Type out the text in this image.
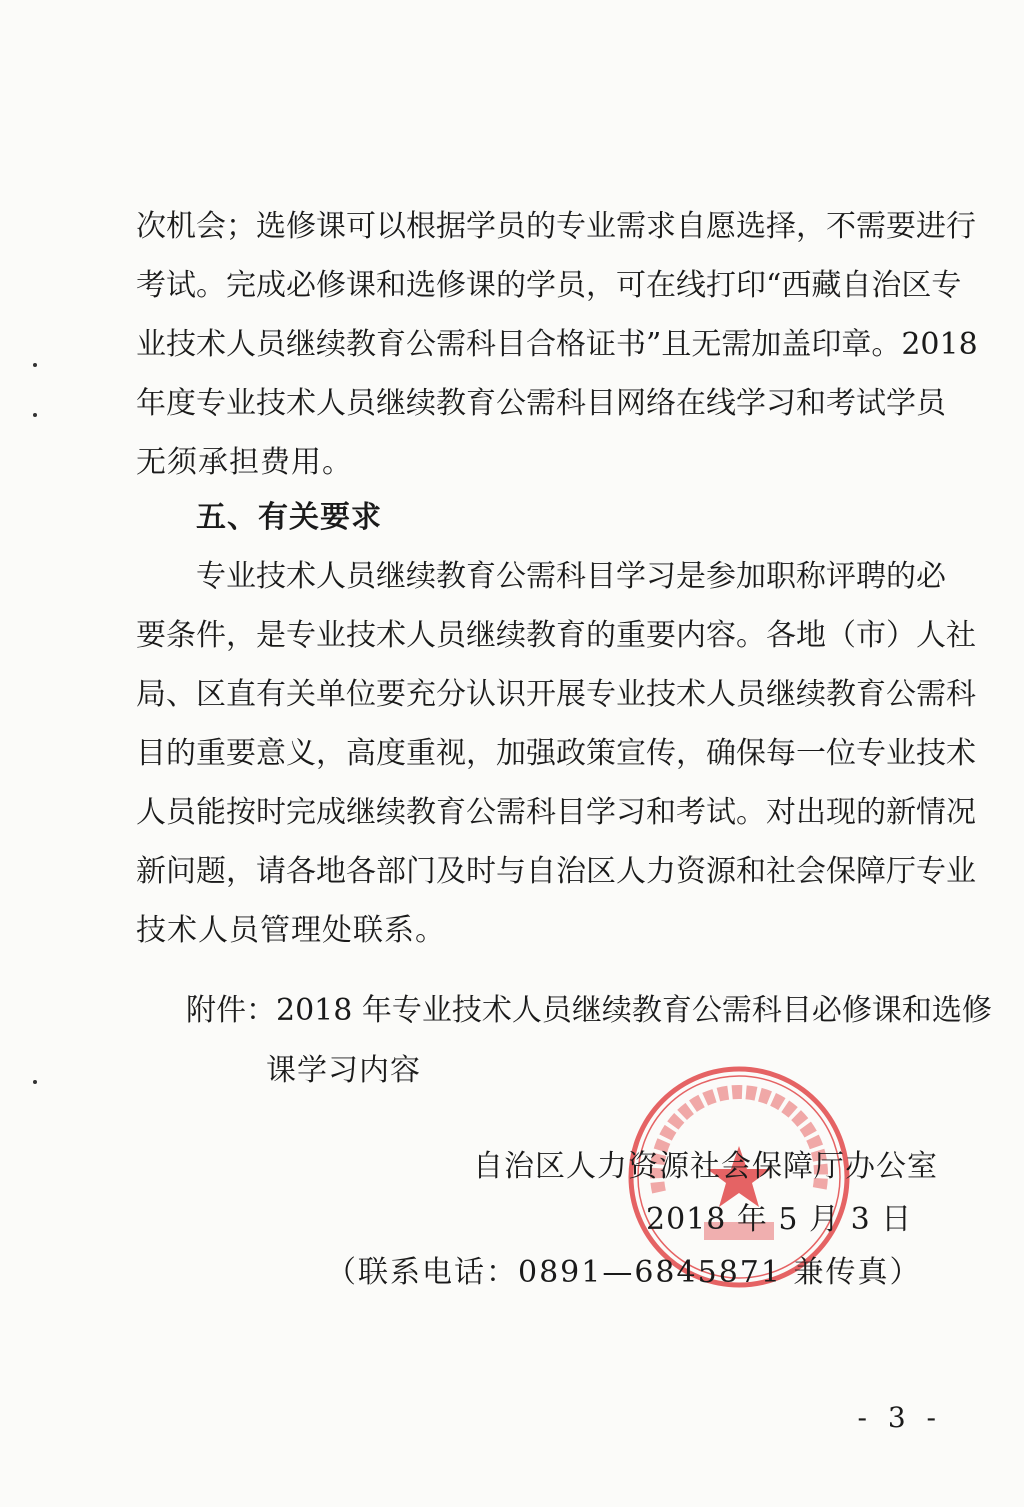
次机会；选修课可以根据学员的专业需求自愿选择，不需要进行
考试。完成必修课和选修课的学员，可在线打印“西藏自治区专
业技术人员继续教育公需科目合格证书”且无需加盖印章。2018
年度专业技术人员继续教育公需科目网络在线学习和考试学员
无须承担费用。
五、有关要求
专业技术人员继续教育公需科目学习是参加职称评聘的必
要条件，是专业技术人员继续教育的重要内容。各地（市）人社
局、区直有关单位要充分认识开展专业技术人员继续教育公需科
目的重要意义，高度重视，加强政策宣传，确保每一位专业技术
人员能按时完成继续教育公需科目学习和考试。对出现的新情况
新问题，请各地各部门及时与自治区人力资源和社会保障厅专业
技术人员管理处联系。
附件：2018 年专业技术人员继续教育公需科目必修课和选修
课学习内容
自治区人力资源社会保障厅办公室
2018 年 5 月 3 日
（联系电话：0891—6845871 兼传真）
- 3 -
